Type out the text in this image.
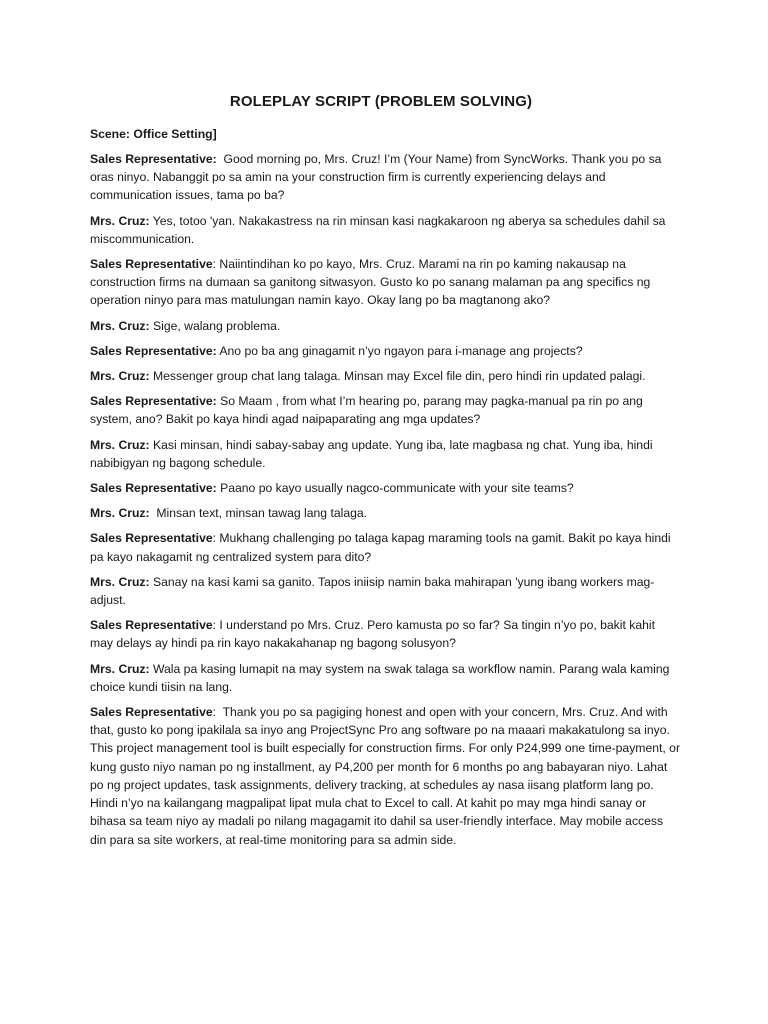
ROLEPLAY SCRIPT (PROBLEM SOLVING)
Scene: Office Setting]

Sales Representative:  Good morning po, Mrs. Cruz! I’m (Your Name) from SyncWorks. Thank you po sa oras ninyo. Nabanggit po sa amin na your construction firm is currently experiencing delays and communication issues, tama po ba?

Mrs. Cruz: Yes, totoo 'yan. Nakakastress na rin minsan kasi nagkakaroon ng aberya sa schedules dahil sa miscommunication.

Sales Representative: Naiintindihan ko po kayo, Mrs. Cruz. Marami na rin po kaming nakausap na construction firms na dumaan sa ganitong sitwasyon. Gusto ko po sanang malaman pa ang specifics ng operation ninyo para mas matulungan namin kayo. Okay lang po ba magtanong ako?

Mrs. Cruz: Sige, walang problema.

Sales Representative: Ano po ba ang ginagamit n’yo ngayon para i-manage ang projects?

Mrs. Cruz: Messenger group chat lang talaga. Minsan may Excel file din, pero hindi rin updated palagi.

Sales Representative: So Maam , from what I’m hearing po, parang may pagka-manual pa rin po ang system, ano? Bakit po kaya hindi agad naipaparating ang mga updates?

Mrs. Cruz: Kasi minsan, hindi sabay-sabay ang update. Yung iba, late magbasa ng chat. Yung iba, hindi nabibigyan ng bagong schedule.

Sales Representative: Paano po kayo usually nagco-communicate with your site teams?

Mrs. Cruz:  Minsan text, minsan tawag lang talaga.

Sales Representative: Mukhang challenging po talaga kapag maraming tools na gamit. Bakit po kaya hindi pa kayo nakagamit ng centralized system para dito?

Mrs. Cruz: Sanay na kasi kami sa ganito. Tapos iniisip namin baka mahirapan 'yung ibang workers mag-adjust.

Sales Representative: I understand po Mrs. Cruz. Pero kamusta po so far? Sa tingin n’yo po, bakit kahit may delays ay hindi pa rin kayo nakakahanap ng bagong solusyon?

Mrs. Cruz: Wala pa kasing lumapit na may system na swak talaga sa workflow namin. Parang wala kaming choice kundi tiisin na lang.

Sales Representative:  Thank you po sa pagiging honest and open with your concern, Mrs. Cruz. And with that, gusto ko pong ipakilala sa inyo ang ProjectSync Pro ang software po na maaari makakatulong sa inyo. This project management tool is built especially for construction firms. For only P24,999 one time-payment, or kung gusto niyo naman po ng installment, ay P4,200 per month for 6 months po ang babayaran niyo. Lahat po ng project updates, task assignments, delivery tracking, at schedules ay nasa iisang platform lang po. Hindi n’yo na kailangang magpalipat lipat mula chat to Excel to call. At kahit po may mga hindi sanay or bihasa sa team niyo ay madali po nilang magagamit ito dahil sa user-friendly interface. May mobile access din para sa site workers, at real-time monitoring para sa admin side.
